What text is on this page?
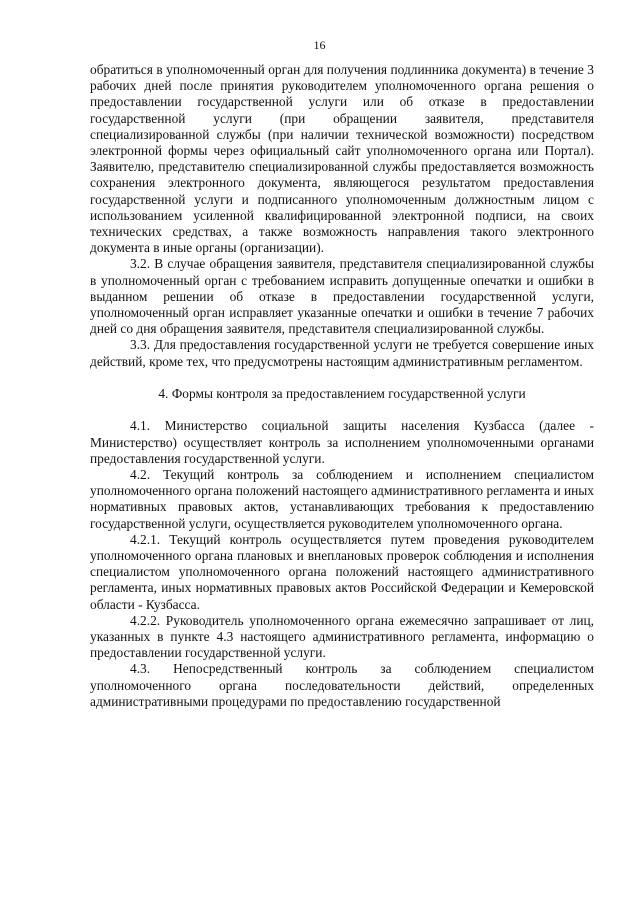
16

обратиться в уполномоченный орган для получения подлинника документа) в течение 3 рабочих дней после принятия руководителем уполномоченного органа решения о предоставлении государственной услуги или об отказе в предоставлении государственной услуги (при обращении заявителя, представителя специализированной службы (при наличии технической возможности) посредством электронной формы через официальный сайт уполномоченного органа или Портал). Заявителю, представителю специализированной службы предоставляется возможность сохранения электронного документа, являющегося результатом предоставления государственной услуги и подписанного уполномоченным должностным лицом с использованием усиленной квалифицированной электронной подписи, на своих технических средствах, а также возможность направления такого электронного документа в иные органы (организации).

3.2. В случае обращения заявителя, представителя специализированной службы в уполномоченный орган с требованием исправить допущенные опечатки и ошибки в выданном решении об отказе в предоставлении государственной услуги, уполномоченный орган исправляет указанные опечатки и ошибки в течение 7 рабочих дней со дня обращения заявителя, представителя специализированной службы.

3.3. Для предоставления государственной услуги не требуется совершение иных действий, кроме тех, что предусмотрены настоящим административным регламентом.

4. Формы контроля за предоставлением государственной услуги

4.1. Министерство социальной защиты населения Кузбасса (далее - Министерство) осуществляет контроль за исполнением уполномоченными органами предоставления государственной услуги.

4.2. Текущий контроль за соблюдением и исполнением специалистом уполномоченного органа положений настоящего административного регламента и иных нормативных правовых актов, устанавливающих требования к предоставлению государственной услуги, осуществляется руководителем уполномоченного органа.

4.2.1. Текущий контроль осуществляется путем проведения руководителем уполномоченного органа плановых и внеплановых проверок соблюдения и исполнения специалистом уполномоченного органа положений настоящего административного регламента, иных нормативных правовых актов Российской Федерации и Кемеровской области - Кузбасса.

4.2.2. Руководитель уполномоченного органа ежемесячно запрашивает от лиц, указанных в пункте 4.3 настоящего административного регламента, информацию о предоставлении государственной услуги.

4.3. Непосредственный контроль за соблюдением специалистом уполномоченного органа последовательности действий, определенных административными процедурами по предоставлению государственной
